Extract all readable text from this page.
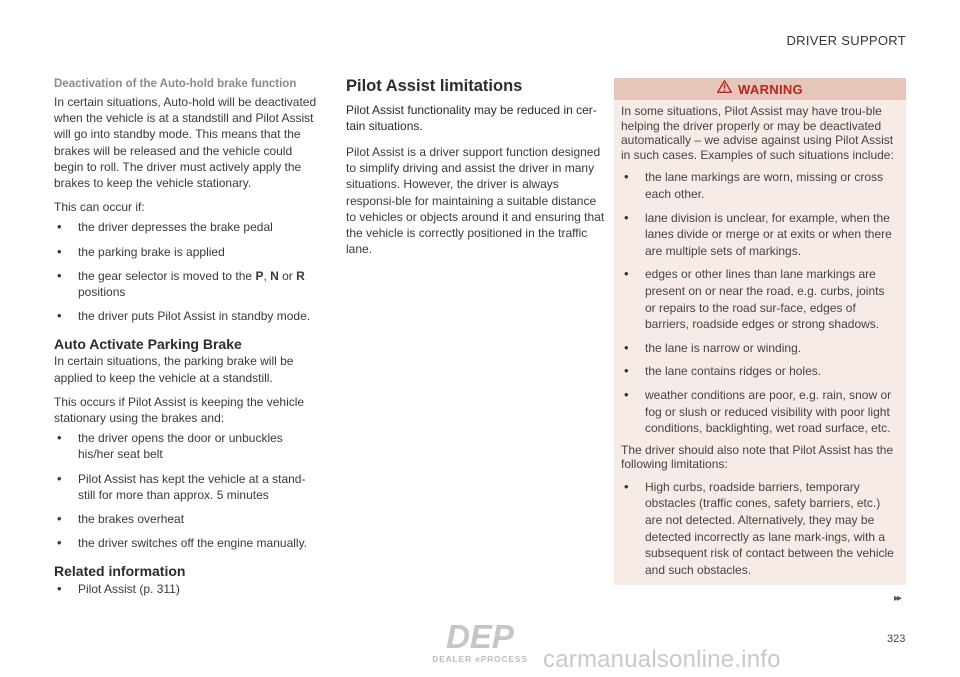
DRIVER SUPPORT
Deactivation of the Auto-hold brake function

In certain situations, Auto-hold will be deactivated when the vehicle is at a standstill and Pilot Assist will go into standby mode. This means that the brakes will be released and the vehicle could begin to roll. The driver must actively apply the brakes to keep the vehicle stationary.

This can occur if:

• the driver depresses the brake pedal
• the parking brake is applied
• the gear selector is moved to the P, N or R positions
• the driver puts Pilot Assist in standby mode.
Auto Activate Parking Brake

In certain situations, the parking brake will be applied to keep the vehicle at a standstill.

This occurs if Pilot Assist is keeping the vehicle stationary using the brakes and:

• the driver opens the door or unbuckles his/her seat belt
• Pilot Assist has kept the vehicle at a stand-still for more than approx. 5 minutes
• the brakes overheat
• the driver switches off the engine manually.
Related information
• Pilot Assist (p. 311)
Pilot Assist limitations

Pilot Assist functionality may be reduced in cer-tain situations.

Pilot Assist is a driver support function designed to simplify driving and assist the driver in many situations. However, the driver is always responsi-ble for maintaining a suitable distance to vehicles or objects around it and ensuring that the vehicle is correctly positioned in the traffic lane.

WARNING

In some situations, Pilot Assist may have trou-ble helping the driver properly or may be deactivated automatically – we advise against using Pilot Assist in such cases. Examples of such situations include:

• the lane markings are worn, missing or cross each other.
• lane division is unclear, for example, when the lanes divide or merge or at exits or when there are multiple sets of markings.
• edges or other lines than lane markings are present on or near the road, e.g. curbs, joints or repairs to the road sur-face, edges of barriers, roadside edges or strong shadows.
• the lane is narrow or winding.
• the lane contains ridges or holes.
• weather conditions are poor, e.g. rain, snow or fog or slush or reduced visibility with poor light conditions, backlighting, wet road surface, etc.

The driver should also note that Pilot Assist has the following limitations:

• High curbs, roadside barriers, temporary obstacles (traffic cones, safety barriers, etc.) are not detected. Alternatively, they may be detected incorrectly as lane mark-ings, with a subsequent risk of contact between the vehicle and such obstacles.
▸▸
323
DEP
DEALER ePROCESS carmanualsonline.info
